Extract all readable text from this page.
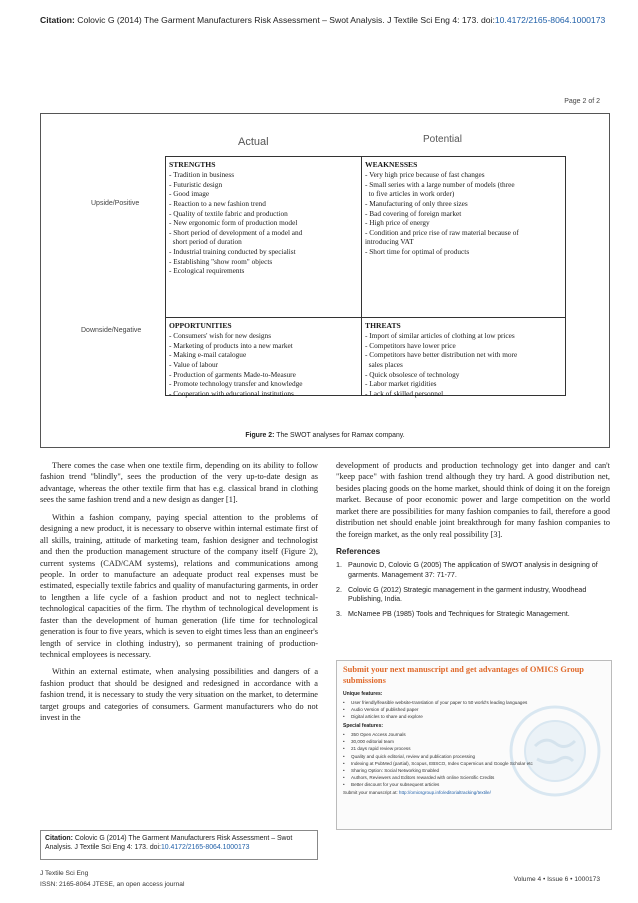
Citation: Colovic G (2014) The Garment Manufacturers Risk Assessment – Swot Analysis. J Textile Sci Eng 4: 173. doi:10.4172/2165-8064.1000173
Page 2 of 2
Actual	Potential
Upside/Positive
Downside/Negative
STRENGTHS
- Tradition in business
- Futuristic design
- Good image
- Reaction to a new fashion trend
- Quality of textile fabric and production
- New ergonomic form of production model
- Short period of development of a model and
short period of duration
- Industrial training conducted by specialist
- Establishing "show room" objects
- Ecological requirements
WEAKNESSES
- Very high price because of fast changes
- Small series with a large number of models (three
to five articles in work order)
- Manufacturing of only three sizes
- Bad covering of foreign market
- High price of energy
- Condition and price rise of raw material because of
introducing VAT
- Short time for optimal of products
OPPORTUNITIES
- Consumers' wish for new designs
- Marketing of products into a new market
- Making e-mail catalogue
- Value of labour
- Production of garments Made-to-Measure
- Promote technology transfer and knowledge
- Cooperation with educational institutions
THREATS
- Import of similar articles of clothing at low prices
- Competitors have lower price
- Competitors have better distribution net with more
sales places
- Quick obsolesce of technology
- Labor market rigidities
- Lack of skilled personnel
Figure 2: The SWOT analyses for Ramax company.

There comes the case when one textile firm, depending on its ability to follow fashion trend "blindly", sees the production of the very up-to-date design as advantage, whereas the other textile firm that has e.g. classical brand in clothing sees the same fashion trend and a new design as danger [1].

Within a fashion company, paying special attention to the problems of designing a new product, it is necessary to observe within internal estimate first of all skills, training, attitude of marketing team, fashion designer and technologist and then the production management structure of the company itself (Figure 2), current systems (CAD/CAM systems), relations and communications among people. In order to manufacture an adequate product real expenses must be estimated, especially textile fabrics and quality of manufacturing garments, in order to lengthen a life cycle of a fashion product and not to neglect technical-technological capacities of the firm. The rhythm of technological development is faster than the development of human generation (life time for technological generation is four to five years, which is seven to eight times less than an engineer's length of service in clothing industry), so permanent training of production-technical employees is necessary.

Within an external estimate, when analysing possibilities and dangers of a fashion product that should be designed and redesigned in accordance with a fashion trend, it is necessary to study the very situation on the market, to determine target groups and categories of consumers. Garment manufacturers who do not invest in the

development of products and production technology get into danger and can't "keep pace" with fashion trend although they try hard. A good distribution net, besides placing goods on the home market, should think of doing it on the foreign market. Because of poor economic power and large competition on the world market there are possibilities for many fashion companies to fail, therefore a good distribution net should enable joint breakthrough for many fashion companies to the foreign market, as the only real possibility [3].

References
1. Paunovic D, Colovic G (2005) The application of SWOT analysis in designing of garments. Management 37: 71-77.
2. Colovic G (2012) Strategic management in the garment industry, Woodhead Publishing, India.
3. McNamee PB (1985) Tools and Techniques for Strategic Management.
Submit your next manuscript and get advantages of OMICS Group submissions
Unique features:
• User friendly/feasible website-translation of your paper to 50 world's leading languages
• Audio Version of published paper
• Digital articles to share and explore
Special features:
• 350 Open Access Journals
• 30,000 editorial team
• 21 days rapid review process
• Quality and quick editorial, review and publication processing
• Indexing at PubMed (partial), Scopus, EBSCO, Index Copernicus and Google Scholar etc
• Sharing Option: Social Networking Enabled
• Authors, Reviewers and Editors rewarded with online Scientific Credits
• Better discount for your subsequent articles
Submit your manuscript at: http://omicsgroup.info/editorialtracking/textile/
Citation: Colovic G (2014) The Garment Manufacturers Risk Assessment – Swot Analysis. J Textile Sci Eng 4: 173. doi:10.4172/2165-8064.1000173
J Textile Sci Eng
ISSN: 2165-8064 JTESE, an open access journal
Volume 4 • Issue 6 • 1000173
